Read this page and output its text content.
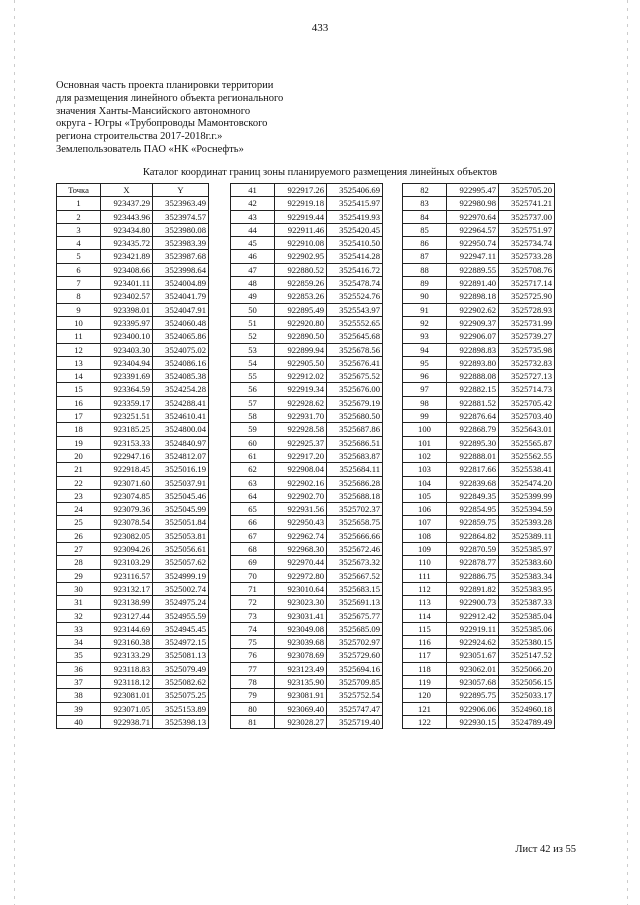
433
Основная часть проекта планировки территории
для размещения линейного объекта регионального
значения Ханты-Мансийского автономного
округа - Югры «Трубопроводы Мамонтовского
региона строительства 2017-2018г.г.»
Землепользователь ПАО «НК «Роснефть»
Каталог координат границ зоны планируемого размещения линейных объектов
Точка	X	Y
1	923437.29	3523963.49
2	923443.96	3523974.57
3	923434.80	3523980.08
4	923435.72	3523983.39
5	923421.89	3523987.68
6	923408.66	3523998.64
7	923401.11	3524004.89
8	923402.57	3524041.79
9	923398.01	3524047.91
10	923395.97	3524060.48
11	923400.10	3524065.86
12	923403.30	3524075.02
13	923404.94	3524086.16
14	923391.69	3524085.38
15	923364.59	3524254.28
16	923359.17	3524288.41
17	923251.51	3524610.41
18	923185.25	3524800.04
19	923153.33	3524840.97
20	922947.16	3524812.07
21	922918.45	3525016.19
22	923071.60	3525037.91
23	923074.85	3525045.46
24	923079.36	3525045.99
25	923078.54	3525051.84
26	923082.05	3525053.81
27	923094.26	3525056.61
28	923103.29	3525057.62
29	923116.57	3524999.19
30	923132.17	3525002.74
31	923138.99	3524975.24
32	923127.44	3524955.59
33	923144.69	3524945.45
34	923160.38	3524972.15
35	923133.29	3525081.13
36	923118.83	3525079.49
37	923118.12	3525082.62
38	923081.01	3525075.25
39	923071.05	3525153.89
40	922938.71	3525398.13
41	922917.26	3525406.69
42	922919.18	3525415.97
43	922919.44	3525419.93
44	922911.46	3525420.45
45	922910.08	3525410.50
46	922902.95	3525414.28
47	922880.52	3525416.72
48	922859.26	3525478.74
49	922853.26	3525524.76
50	922895.49	3525543.97
51	922920.80	3525552.65
52	922890.50	3525645.68
53	922899.94	3525678.56
54	922905.50	3525676.41
55	922912.02	3525675.52
56	922919.34	3525676.00
57	922928.62	3525679.19
58	922931.70	3525680.50
59	922928.58	3525687.86
60	922925.37	3525686.51
61	922917.20	3525683.87
62	922908.04	3525684.11
63	922902.16	3525686.28
64	922902.70	3525688.18
65	922931.56	3525702.37
66	922950.43	3525658.75
67	922962.74	3525666.66
68	922968.30	3525672.46
69	922970.44	3525673.32
70	922972.80	3525667.52
71	923010.64	3525683.15
72	923023.30	3525691.13
73	923031.41	3525675.77
74	923049.08	3525685.09
75	923039.68	3525702.97
76	923078.69	3525729.60
77	923123.49	3525694.16
78	923135.90	3525709.85
79	923081.91	3525752.54
80	923069.40	3525747.47
81	923028.27	3525719.40
82	922995.47	3525705.20
83	922980.98	3525741.21
84	922970.64	3525737.00
85	922964.57	3525751.97
86	922950.74	3525734.74
87	922947.11	3525733.28
88	922889.55	3525708.76
89	922891.40	3525717.14
90	922898.18	3525725.90
91	922902.62	3525728.93
92	922909.37	3525731.99
93	922906.07	3525739.27
94	922898.83	3525735.98
95	922893.80	3525732.83
96	922888.08	3525727.13
97	922882.15	3525714.73
98	922881.52	3525705.42
99	922876.64	3525703.40
100	922868.79	3525643.01
101	922895.30	3525565.87
102	922888.01	3525562.55
103	922817.66	3525538.41
104	922839.68	3525474.20
105	922849.35	3525399.99
106	922854.95	3525394.59
107	922859.75	3525393.28
108	922864.82	3525389.11
109	922870.59	3525385.97
110	922878.77	3525383.60
111	922886.75	3525383.34
112	922891.82	3525383.95
113	922900.73	3525387.33
114	922912.42	3525385.04
115	922919.11	3525385.06
116	922924.62	3525380.15
117	923051.67	3525147.52
118	923062.01	3525066.20
119	923057.68	3525056.15
120	922895.75	3525033.17
121	922906.06	3524960.18
122	922930.15	3524789.49
Лист 42 из 55
